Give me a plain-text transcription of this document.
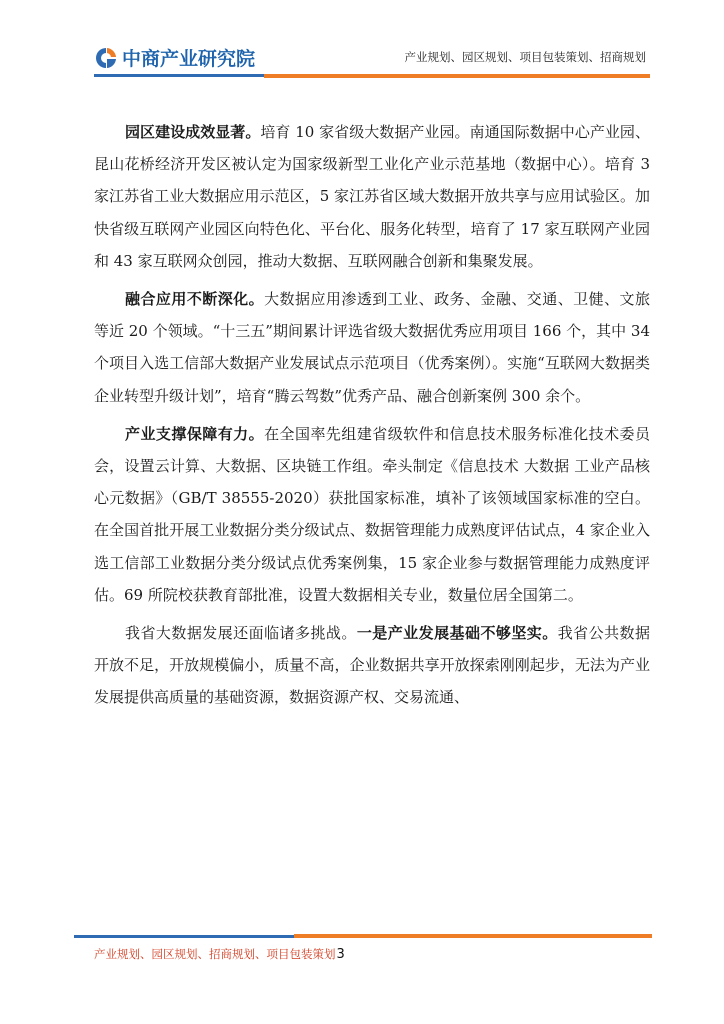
中商产业研究院	产业规划、园区规划、项目包装策划、招商规划

园区建设成效显著。培育 10 家省级大数据产业园。南通国际数据中心产业园、昆山花桥经济开发区被认定为国家级新型工业化产业示范基地（数据中心）。培育 3 家江苏省工业大数据应用示范区，5 家江苏省区域大数据开放共享与应用试验区。加快省级互联网产业园区向特色化、平台化、服务化转型，培育了 17 家互联网产业园和 43 家互联网众创园，推动大数据、互联网融合创新和集聚发展。

融合应用不断深化。大数据应用渗透到工业、政务、金融、交通、卫健、文旅等近 20 个领域。“十三五”期间累计评选省级大数据优秀应用项目 166 个，其中 34 个项目入选工信部大数据产业发展试点示范项目（优秀案例）。实施“互联网大数据类企业转型升级计划”，培育“腾云驾数”优秀产品、融合创新案例 300 余个。

产业支撑保障有力。在全国率先组建省级软件和信息技术服务标准化技术委员会，设置云计算、大数据、区块链工作组。牵头制定《信息技术 大数据 工业产品核心元数据》（GB/T 38555-2020）获批国家标准，填补了该领域国家标准的空白。在全国首批开展工业数据分类分级试点、数据管理能力成熟度评估试点，4 家企业入选工信部工业数据分类分级试点优秀案例集，15 家企业参与数据管理能力成熟度评估。69 所院校获教育部批准，设置大数据相关专业，数量位居全国第二。

我省大数据发展还面临诸多挑战。一是产业发展基础不够坚实。我省公共数据开放不足，开放规模偏小，质量不高，企业数据共享开放探索刚刚起步，无法为产业发展提供高质量的基础资源，数据资源产权、交易流通、

产业规划、园区规划、招商规划、项目包装策划3
